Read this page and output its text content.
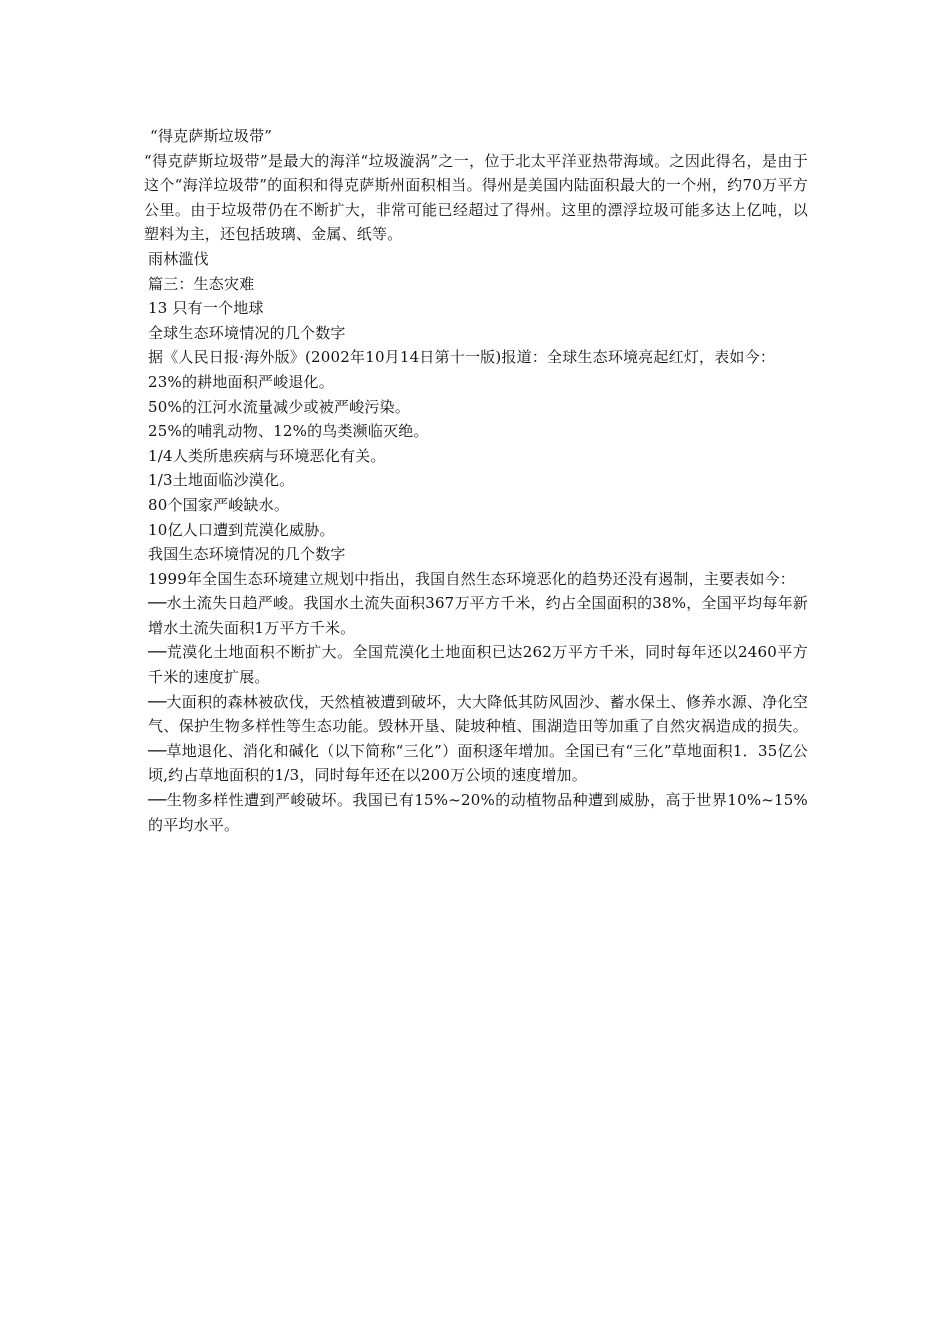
“得克萨斯垃圾带”

“得克萨斯垃圾带”是最大的海洋“垃圾漩涡”之一，位于北太平洋亚热带海域。之因此得名，是由于这个“海洋垃圾带”的面积和得克萨斯州面积相当。得州是美国内陆面积最大的一个州，约70万平方公里。由于垃圾带仍在不断扩大，非常可能已经超过了得州。这里的漂浮垃圾可能多达上亿吨，以塑料为主，还包括玻璃、金属、纸等。

雨林滥伐

篇三：生态灾难

13 只有一个地球

全球生态环境情况的几个数字

据《人民日报·海外版》(2002年10月14日第十一版)报道：全球生态环境亮起红灯，表如今：

23%的耕地面积严峻退化。

50%的江河水流量减少或被严峻污染。

25%的哺乳动物、12%的鸟类濒临灭绝。

1/4人类所患疾病与环境恶化有关。

1/3土地面临沙漠化。

80个国家严峻缺水。

10亿人口遭到荒漠化威胁。

我国生态环境情况的几个数字

1999年全国生态环境建立规划中指出，我国自然生态环境恶化的趋势还没有遏制，主要表如今：

──水土流失日趋严峻。我国水土流失面积367万平方千米，约占全国面积的38%，全国平均每年新增水土流失面积1万平方千米。

──荒漠化土地面积不断扩大。全国荒漠化土地面积已达262万平方千米，同时每年还以2460平方千米的速度扩展。

──大面积的森林被砍伐，天然植被遭到破坏，大大降低其防风固沙、蓄水保土、修养水源、净化空气、保护生物多样性等生态功能。毁林开垦、陡坡种植、围湖造田等加重了自然灾祸造成的损失。 ──草地退化、消化和碱化（以下简称“三化”）面积逐年增加。全国已有“三化”草地面积1．35亿公顷,约占草地面积的1/3，同时每年还在以200万公顷的速度增加。

──生物多样性遭到严峻破坏。我国已有15%~20%的动植物品种遭到威胁，高于世界10%~15%的平均水平。
